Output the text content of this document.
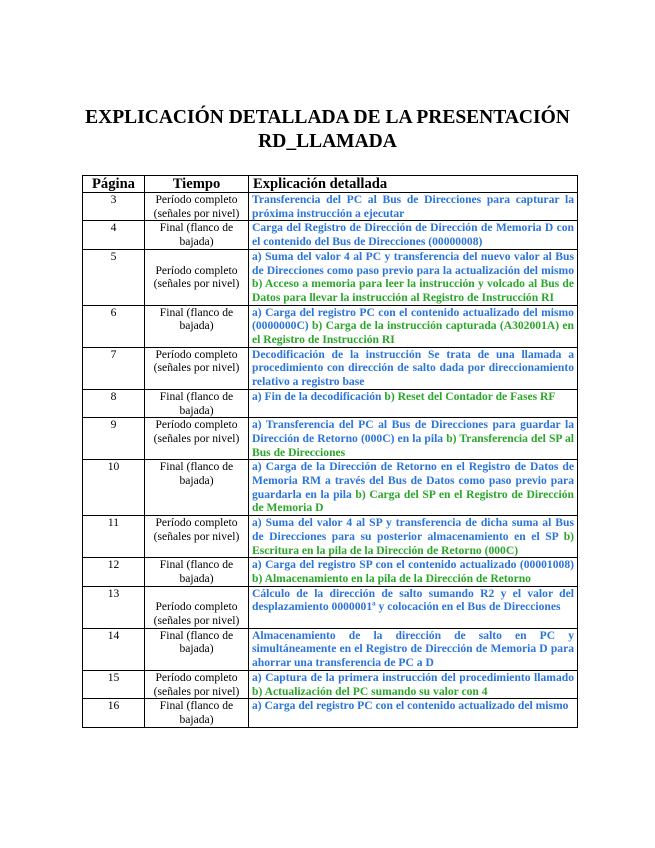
EXPLICACIÓN DETALLADA DE LA PRESENTACIÓN
RD_LLAMADA
Página	Tiempo	Explicación detallada
3	Período completo (señales por nivel)	Transferencia del PC al Bus de Direcciones para capturar la próxima instrucción a ejecutar
4	Final (flanco de bajada)	Carga del Registro de Dirección de Dirección de Memoria D con el contenido del Bus de Direcciones (00000008)
5	Período completo (señales por nivel)	a) Suma del valor 4 al PC y transferencia del nuevo valor al Bus de Direcciones como paso previo para la actualización del mismo b) Acceso a memoria para leer la instrucción y volcado al Bus de Datos para llevar la instrucción al Registro de Instrucción RI
6	Final (flanco de bajada)	a) Carga del registro PC con el contenido actualizado del mismo (0000000C) b) Carga de la instrucción capturada (A302001A) en el Registro de Instrucción RI
7	Período completo (señales por nivel)	Decodificación de la instrucción Se trata de una llamada a procedimiento con dirección de salto dada por direccionamiento relativo a registro base
8	Final (flanco de bajada)	a) Fin de la decodificación b) Reset del Contador de Fases RF
9	Período completo (señales por nivel)	a) Transferencia del PC al Bus de Direcciones para guardar la Dirección de Retorno (000C) en la pila b) Transferencia del SP al Bus de Direcciones
10	Final (flanco de bajada)	a) Carga de la Dirección de Retorno en el Registro de Datos de Memoria RM a través del Bus de Datos como paso previo para guardarla en la pila b) Carga del SP en el Registro de Dirección de Memoria D
11	Período completo (señales por nivel)	a) Suma del valor 4 al SP y transferencia de dicha suma al Bus de Direcciones para su posterior almacenamiento en el SP b) Escritura en la pila de la Dirección de Retorno (000C)
12	Final (flanco de bajada)	a) Carga del registro SP con el contenido actualizado (00001008) b) Almacenamiento en la pila de la Dirección de Retorno
13	Período completo (señales por nivel)	Cálculo de la dirección de salto sumando R2 y el valor del desplazamiento 0000001ª y colocación en el Bus de Direcciones
14	Final (flanco de bajada)	Almacenamiento de la dirección de salto en PC y simultáneamente en el Registro de Dirección de Memoria D para ahorrar una transferencia de PC a D
15	Período completo (señales por nivel)	a) Captura de la primera instrucción del procedimiento llamado b) Actualización del PC sumando su valor con 4
16	Final (flanco de bajada)	a) Carga del registro PC con el contenido actualizado del mismo
